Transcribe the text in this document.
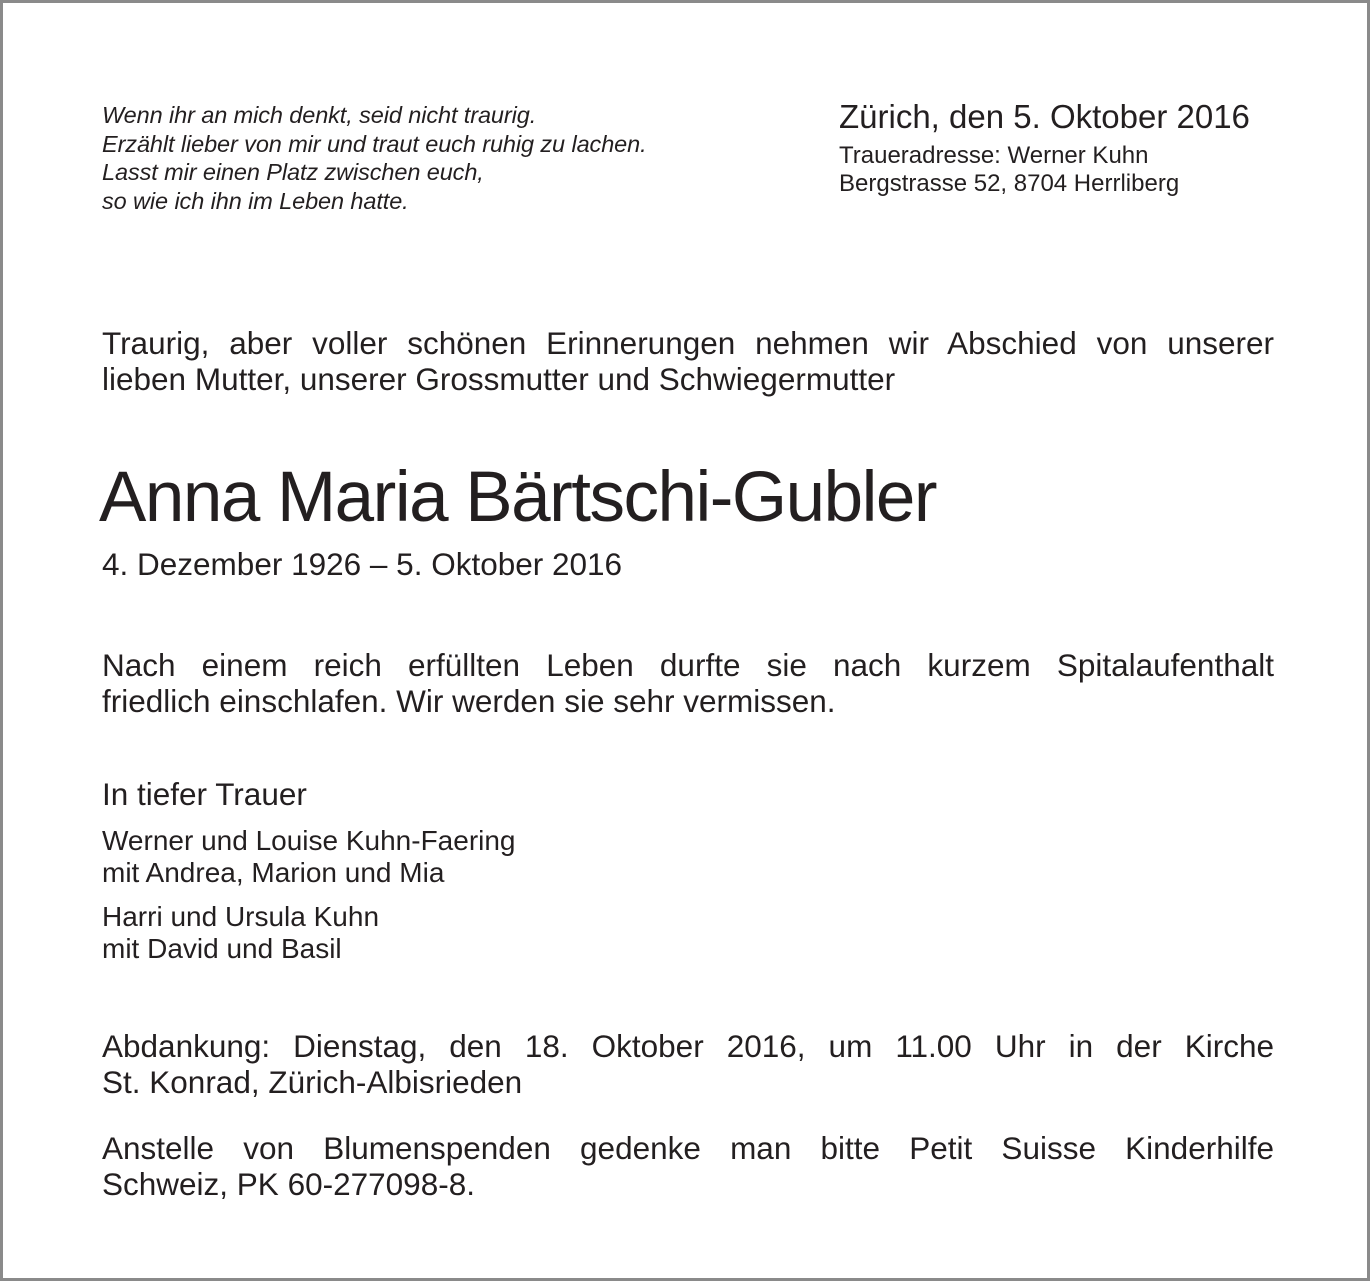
Wenn ihr an mich denkt, seid nicht traurig.
Erzählt lieber von mir und traut euch ruhig zu lachen.
Lasst mir einen Platz zwischen euch,
so wie ich ihn im Leben hatte.
Zürich, den 5. Oktober 2016
Traueradresse: Werner Kuhn
Bergstrasse 52, 8704 Herrliberg
Traurig, aber voller schönen Erinnerungen nehmen wir Abschied von unserer
lieben Mutter, unserer Grossmutter und Schwiegermutter
Anna Maria Bärtschi-Gubler
4. Dezember 1926 – 5. Oktober 2016
Nach einem reich erfüllten Leben durfte sie nach kurzem Spitalaufenthalt
friedlich einschlafen. Wir werden sie sehr vermissen.
In tiefer Trauer
Werner und Louise Kuhn-Faering
mit Andrea, Marion und Mia
Harri und Ursula Kuhn
mit David und Basil
Abdankung: Dienstag, den 18. Oktober 2016, um 11.00 Uhr in der Kirche
St. Konrad, Zürich-Albisrieden
Anstelle von Blumenspenden gedenke man bitte Petit Suisse Kinderhilfe
Schweiz, PK 60-277098-8.
